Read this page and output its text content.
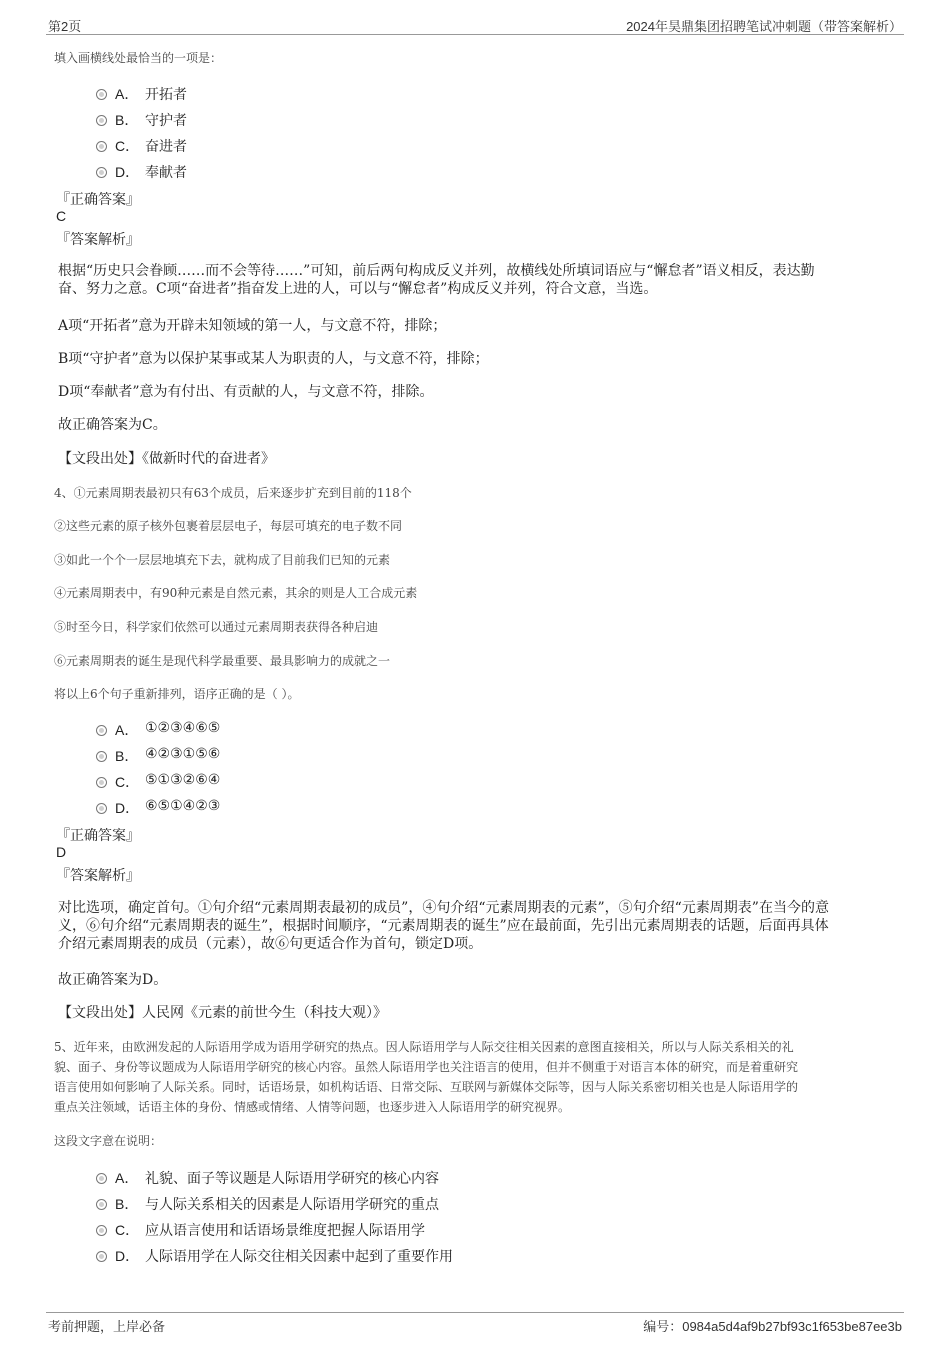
第2页	2024年昊鼎集团招聘笔试冲刺题（带答案解析）
填入画横线处最恰当的一项是：
A． 开拓者
B． 守护者
C． 奋进者
D． 奉献者
『正确答案』
C
『答案解析』
根据“历史只会眷顾……而不会等待……”可知，前后两句构成反义并列，故横线处所填词语应与“懈怠者”语义相反，表达勤
奋、努力之意。C项“奋进者”指奋发上进的人，可以与“懈怠者”构成反义并列，符合文意，当选。
A项“开拓者”意为开辟未知领域的第一人，与文意不符，排除；
B项“守护者”意为以保护某事或某人为职责的人，与文意不符，排除；
D项“奉献者”意为有付出、有贡献的人，与文意不符，排除。
故正确答案为C。
【文段出处】《做新时代的奋进者》
4、①元素周期表最初只有63个成员，后来逐步扩充到目前的118个
②这些元素的原子核外包裹着层层电子，每层可填充的电子数不同
③如此一个个一层层地填充下去，就构成了目前我们已知的元素
④元素周期表中，有90种元素是自然元素，其余的则是人工合成元素
⑤时至今日，科学家们依然可以通过元素周期表获得各种启迪
⑥元素周期表的诞生是现代科学最重要、最具影响力的成就之一
将以上6个句子重新排列，语序正确的是（ ）。
A． ①②③④⑥⑤
B． ④②③①⑤⑥
C． ⑤①③②⑥④
D． ⑥⑤①④②③
『正确答案』
D
『答案解析』
对比选项，确定首句。①句介绍“元素周期表最初的成员”，④句介绍“元素周期表的元素”，⑤句介绍“元素周期表”在当今的意
义，⑥句介绍“元素周期表的诞生”，根据时间顺序，“元素周期表的诞生”应在最前面，先引出元素周期表的话题，后面再具体
介绍元素周期表的成员（元素），故⑥句更适合作为首句，锁定D项。
故正确答案为D。
【文段出处】人民网《元素的前世今生（科技大观）》
5、近年来，由欧洲发起的人际语用学成为语用学研究的热点。因人际语用学与人际交往相关因素的意图直接相关，所以与人际关系相关的礼
貌、面子、身份等议题成为人际语用学研究的核心内容。虽然人际语用学也关注语言的使用，但并不侧重于对语言本体的研究，而是着重研究
语言使用如何影响了人际关系。同时，话语场景，如机构话语、日常交际、互联网与新媒体交际等，因与人际关系密切相关也是人际语用学的
重点关注领域，话语主体的身份、情感或情绪、人情等问题，也逐步进入人际语用学的研究视界。
这段文字意在说明：
A． 礼貌、面子等议题是人际语用学研究的核心内容
B． 与人际关系相关的因素是人际语用学研究的重点
C． 应从语言使用和话语场景维度把握人际语用学
D． 人际语用学在人际交往相关因素中起到了重要作用
考前押题，上岸必备	编号：0984a5d4af9b27bf93c1f653be87ee3b
